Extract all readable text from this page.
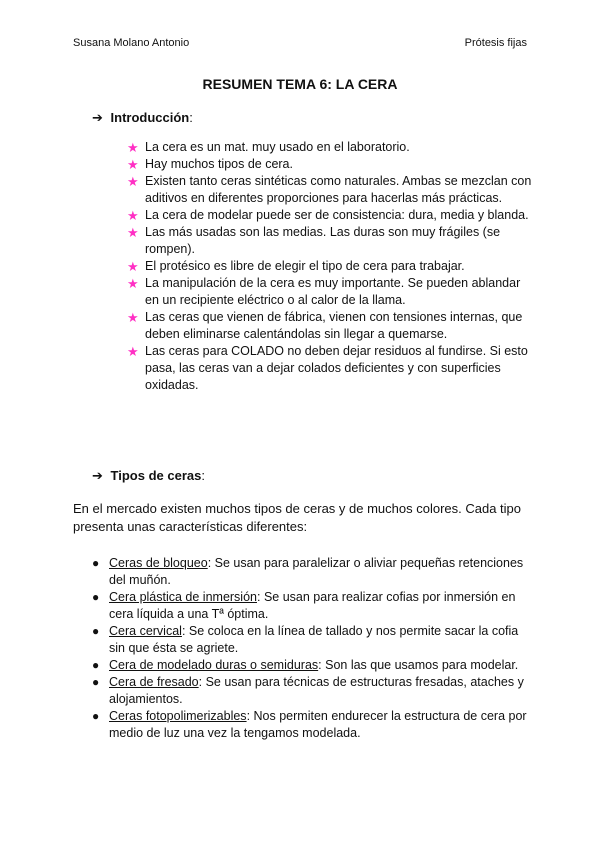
Susana Molano Antonio	Prótesis fijas
RESUMEN TEMA 6: LA CERA
➔ Introducción:
★ La cera es un mat. muy usado en el laboratorio.
★ Hay muchos tipos de cera.
★ Existen tanto ceras sintéticas como naturales. Ambas se mezclan con aditivos en diferentes proporciones para hacerlas más prácticas.
★ La cera de modelar puede ser de consistencia: dura, media y blanda.
★ Las más usadas son las medias. Las duras son muy frágiles (se rompen).
★ El protésico es libre de elegir el tipo de cera para trabajar.
★ La manipulación de la cera es muy importante. Se pueden ablandar en un recipiente eléctrico o al calor de la llama.
★ Las ceras que vienen de fábrica, vienen con tensiones internas, que deben eliminarse calentándolas sin llegar a quemarse.
★ Las ceras para COLADO no deben dejar residuos al fundirse. Si esto pasa, las ceras van a dejar colados deficientes y con superficies oxidadas.
➔ Tipos de ceras:
En el mercado existen muchos tipos de ceras y de muchos colores. Cada tipo presenta unas características diferentes:
● Ceras de bloqueo: Se usan para paralelizar o aliviar pequeñas retenciones del muñón.
● Cera plástica de inmersión: Se usan para realizar cofias por inmersión en cera líquida a una Tª óptima.
● Cera cervical: Se coloca en la línea de tallado y nos permite sacar la cofia sin que ésta se agriete.
● Cera de modelado duras o semiduras: Son las que usamos para modelar.
● Cera de fresado: Se usan para técnicas de estructuras fresadas, ataches y alojamientos.
● Ceras fotopolimerizables: Nos permiten endurecer la estructura de cera por medio de luz una vez la tengamos modelada.
